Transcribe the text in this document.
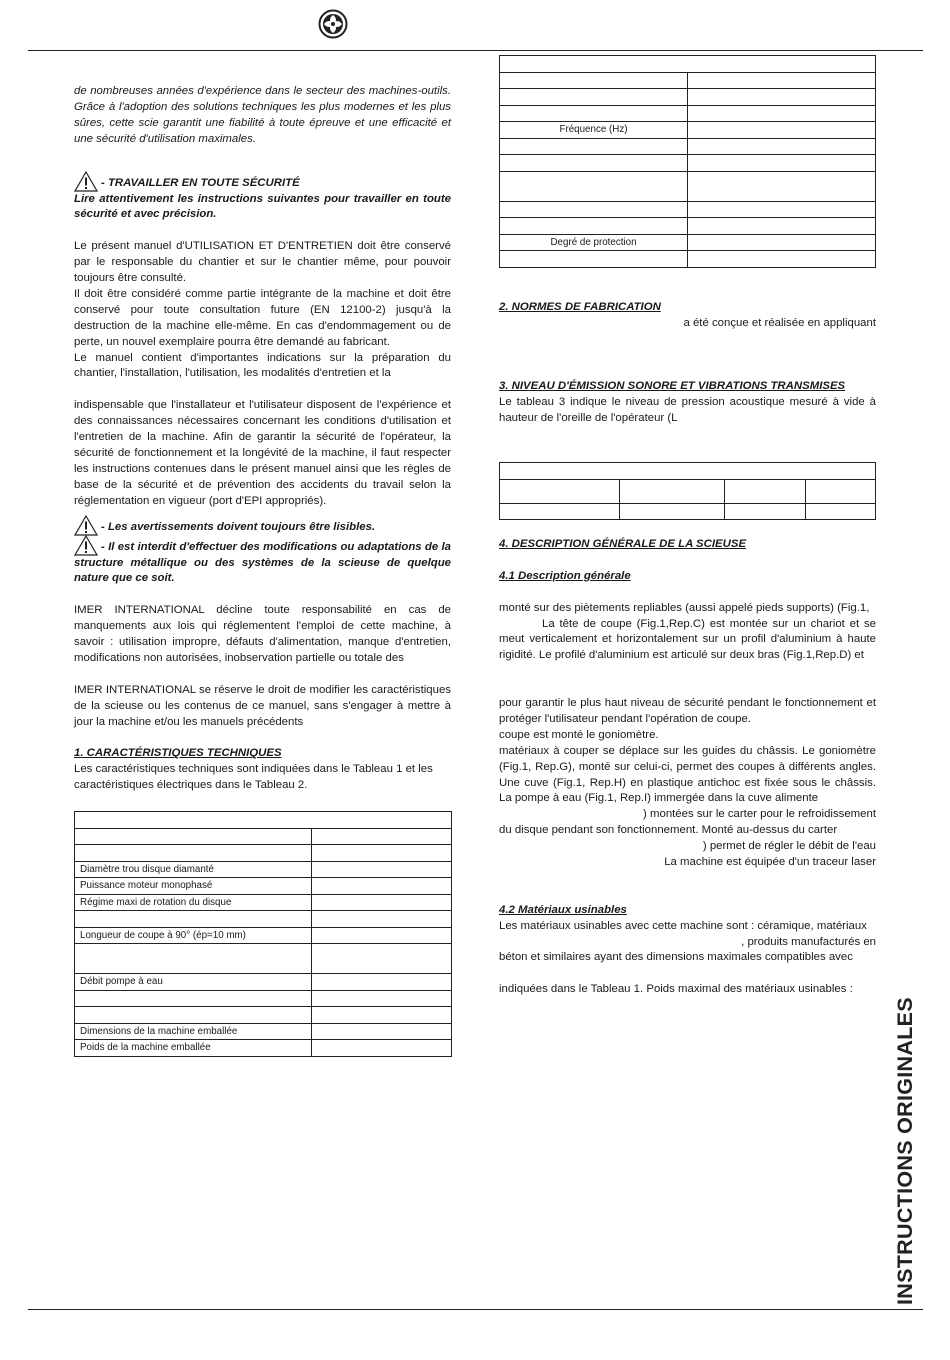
de nombreuses années d'expérience dans le secteur des machines-outils. Grâce à l'adoption des solutions techniques les plus modernes et les plus sûres, cette scie garantit une fiabilité à toute épreuve et une efficacité et une sécurité d'utilisation maximales.

- TRAVAILLER EN TOUTE SÉCURITÉ

Lire attentivement les instructions suivantes pour travailler en toute sécurité et avec précision.

Le présent manuel d'UTILISATION ET D'ENTRETIEN doit être conservé par le responsable du chantier et sur le chantier même, pour pouvoir toujours être consulté.

Il doit être considéré comme partie intégrante de la machine et doit être conservé pour toute consultation future (EN 12100-2) jusqu'à la destruction de la machine elle-même. En cas d'endommagement ou de perte, un nouvel exemplaire pourra être demandé au fabricant.

Le manuel contient d'importantes indications sur la préparation du chantier, l'installation, l'utilisation, les modalités d'entretien et la

indispensable que l'installateur et l'utilisateur disposent de l'expérience et des connaissances nécessaires concernant les conditions d'utilisation et l'entretien de la machine. Afin de garantir la sécurité de l'opérateur, la sécurité de fonctionnement et la longévité de la machine, il faut respecter les instructions contenues dans le présent manuel ainsi que les règles de base de la sécurité et de prévention des accidents du travail selon la réglementation en vigueur (port d'EPI appropriés).

- Les avertissements doivent toujours être lisibles.

- Il est interdit d'effectuer des modifications ou adaptations de la structure métallique ou des systèmes de la scieuse de quelque nature que ce soit.

IMER INTERNATIONAL décline toute responsabilité en cas de manquements aux lois qui réglementent l'emploi de cette machine, à savoir : utilisation impropre, défauts d'alimentation, manque d'entretien, modifications non autorisées, inobservation partielle ou totale des

IMER INTERNATIONAL se réserve le droit de modifier les caractéristiques de la scieuse ou les contenus de ce manuel, sans s'engager à mettre à jour la machine et/ou les manuels précédents

1. CARACTÉRISTIQUES TECHNIQUES

Les caractéristiques techniques sont indiquées dans le Tableau 1 et les caractéristiques électriques dans le Tableau 2.

Diamètre trou disque diamanté	
Puissance moteur monophasé	
Régime maxi de rotation du disque	

Longueur de coupe à 90° (ép=10 mm)	

Débit pompe à eau	

Dimensions de la machine emballée	
Poids de la machine emballée	

Fréquence (Hz)	

Degré de protection	

2. NORMES DE FABRICATION

a été conçue et réalisée en appliquant

3. NIVEAU D'ÉMISSION SONORE ET VIBRATIONS TRANSMISES

Le tableau 3 indique le niveau de pression acoustique mesuré à vide à hauteur de l'oreille de l'opérateur (L

4. DESCRIPTION GÉNÉRALE DE LA SCIEUSE

4.1 Description générale

monté sur des piètements repliables (aussi appelé pieds supports) (Fig.1,

La tête de coupe (Fig.1,Rep.C) est montée sur un chariot et se meut verticalement et horizontalement sur un profil d'aluminium à haute rigidité. Le profilé d'aluminium est articulé sur deux bras (Fig.1,Rep.D) et

pour garantir le plus haut niveau de sécurité pendant le fonctionnement et protéger l'utilisateur pendant l'opération de coupe.

coupe est monté le goniomètre.

matériaux à couper se déplace sur les guides du châssis. Le goniomètre (Fig.1, Rep.G), monté sur celui-ci, permet des coupes à différents angles. Une cuve (Fig.1, Rep.H) en plastique antichoc est fixée sous le châssis. La pompe à eau (Fig.1, Rep.I) immergée dans la cuve alimente

) montées sur le carter pour le refroidissement

du disque pendant son fonctionnement. Monté au-dessus du carter

) permet de régler le débit de l'eau

La machine est équipée d'un traceur laser

4.2 Matériaux usinables

Les matériaux usinables avec cette machine sont : céramique, matériaux

, produits manufacturés en

béton et similaires ayant des dimensions maximales compatibles avec

indiquées dans le Tableau 1. Poids maximal des matériaux usinables :

INSTRUCTIONS ORIGINALES
